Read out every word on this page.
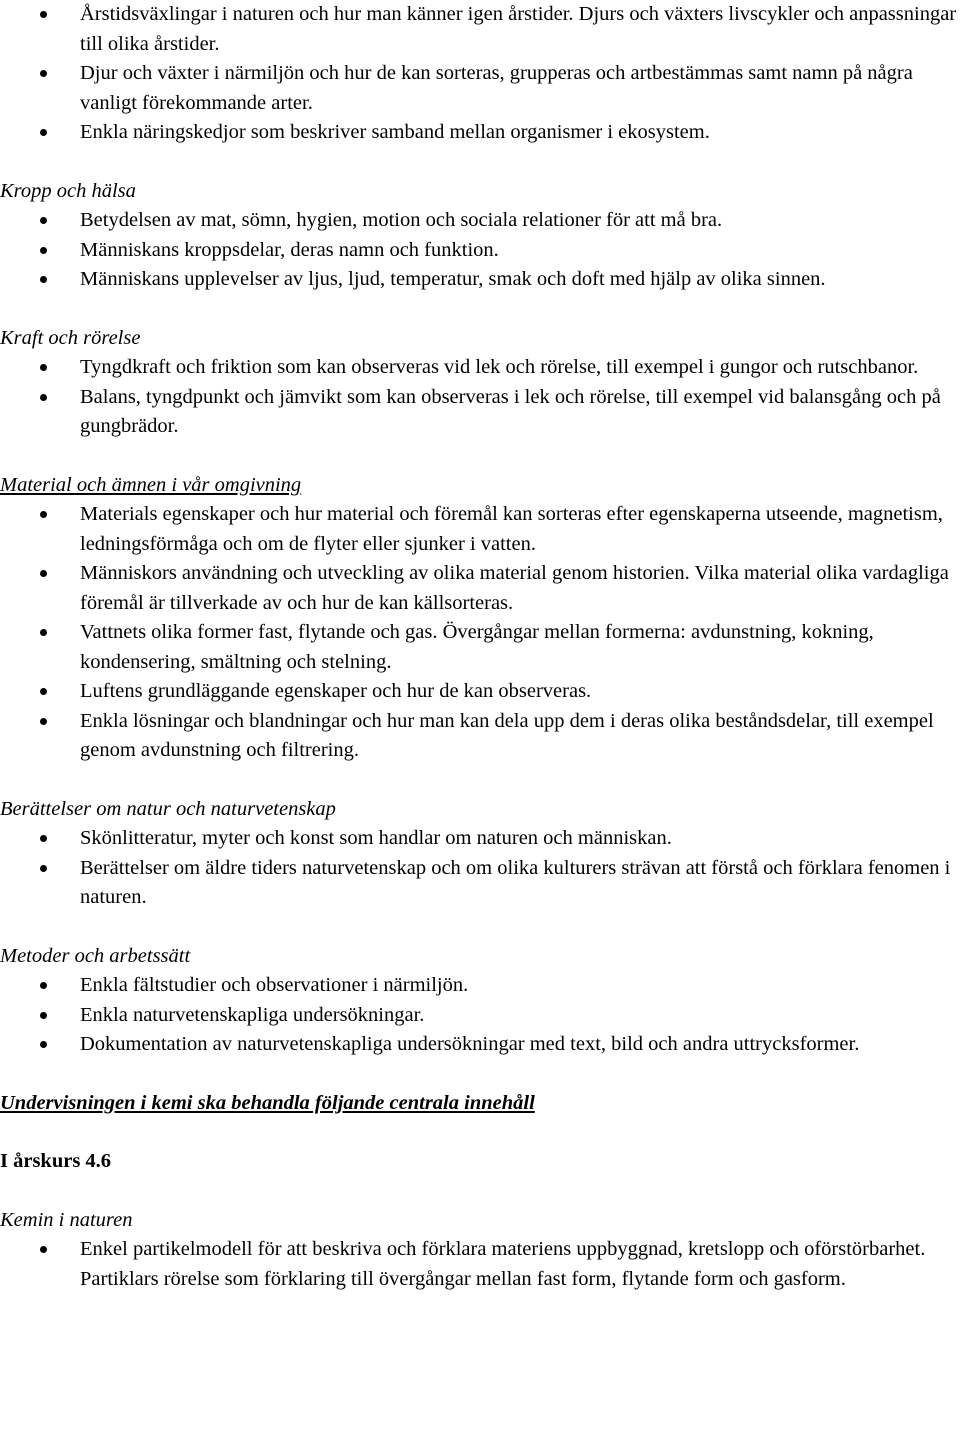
Årstidsväxlingar i naturen och hur man känner igen årstider. Djurs och växters livscykler och anpassningar till olika årstider.
Djur och växter i närmiljön och hur de kan sorteras, grupperas och artbestämmas samt namn på några vanligt förekommande arter.
Enkla näringskedjor som beskriver samband mellan organismer i ekosystem.
Kropp och hälsa
Betydelsen av mat, sömn, hygien, motion och sociala relationer för att må bra.
Människans kroppsdelar, deras namn och funktion.
Människans upplevelser av ljus, ljud, temperatur, smak och doft med hjälp av olika sinnen.
Kraft och rörelse
Tyngdkraft och friktion som kan observeras vid lek och rörelse, till exempel i gungor och rutschbanor.
Balans, tyngdpunkt och jämvikt som kan observeras i lek och rörelse, till exempel vid balansgång och på gungbrädor.
Material och ämnen i vår omgivning
Materials egenskaper och hur material och föremål kan sorteras efter egenskaperna utseende, magnetism, ledningsförmåga och om de flyter eller sjunker i vatten.
Människors användning och utveckling av olika material genom historien. Vilka material olika vardagliga föremål är tillverkade av och hur de kan källsorteras.
Vattnets olika former fast, flytande och gas. Övergångar mellan formerna: avdunstning, kokning, kondensering, smältning och stelning.
Luftens grundläggande egenskaper och hur de kan observeras.
Enkla lösningar och blandningar och hur man kan dela upp dem i deras olika beståndsdelar, till exempel genom avdunstning och filtrering.
Berättelser om natur och naturvetenskap
Skönlitteratur, myter och konst som handlar om naturen och människan.
Berättelser om äldre tiders naturvetenskap och om olika kulturers strävan att förstå och förklara fenomen i naturen.
Metoder och arbetssätt
Enkla fältstudier och observationer i närmiljön.
Enkla naturvetenskapliga undersökningar.
Dokumentation av naturvetenskapliga undersökningar med text, bild och andra uttrycksformer.
Undervisningen i kemi ska behandla följande centrala innehåll
I årskurs 4.6
Kemin i naturen
Enkel partikelmodell för att beskriva och förklara materiens uppbyggnad, kretslopp och oförstörbarhet. Partiklars rörelse som förklaring till övergångar mellan fast form, flytande form och gasform.
